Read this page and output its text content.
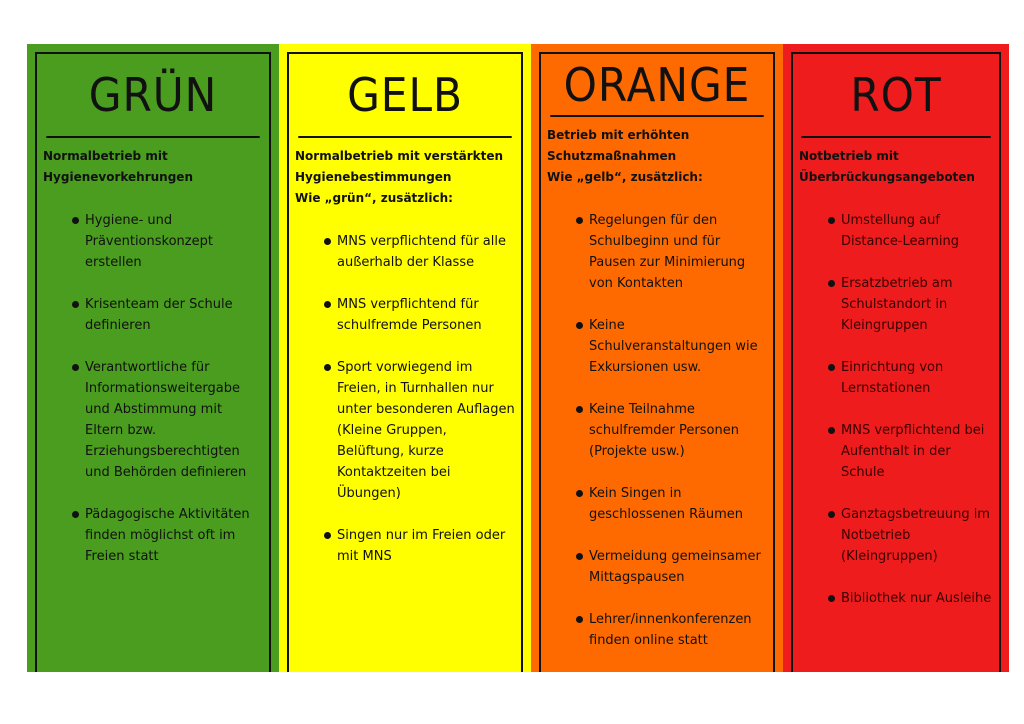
GRÜN
Normalbetrieb mit
Hygienevorkehrungen
Hygiene- und Präventionskonzept erstellen
Krisenteam der Schule definieren
Verantwortliche für Informationsweitergabe und Abstimmung mit Eltern bzw. Erziehungsberechtigten und Behörden definieren
Pädagogische Aktivitäten finden möglichst oft im Freien statt
GELB
Normalbetrieb mit verstärkten
Hygienebestimmungen
Wie „grün“, zusätzlich:
MNS verpflichtend für alle außerhalb der Klasse
MNS verpflichtend für schulfremde Personen
Sport vorwiegend im Freien, in Turnhallen nur unter besonderen Auflagen (Kleine Gruppen, Belüftung, kurze Kontaktzeiten bei Übungen)
Singen nur im Freien oder mit MNS
ORANGE
Betrieb mit erhöhten
Schutzmaßnahmen
Wie „gelb“, zusätzlich:
Regelungen für den Schulbeginn und für Pausen zur Minimierung von Kontakten
Keine Schulveranstaltungen wie Exkursionen usw.
Keine Teilnahme schulfremder Personen (Projekte usw.)
Kein Singen in geschlossenen Räumen
Vermeidung gemeinsamer Mittagspausen
Lehrer/innenkonferenzen finden online statt
ROT
Notbetrieb mit
Überbrückungsangeboten
Umstellung auf Distance-Learning
Ersatzbetrieb am Schulstandort in Kleingruppen
Einrichtung von Lernstationen
MNS verpflichtend bei Aufenthalt in der Schule
Ganztagsbetreuung im Notbetrieb (Kleingruppen)
Bibliothek nur Ausleihe
